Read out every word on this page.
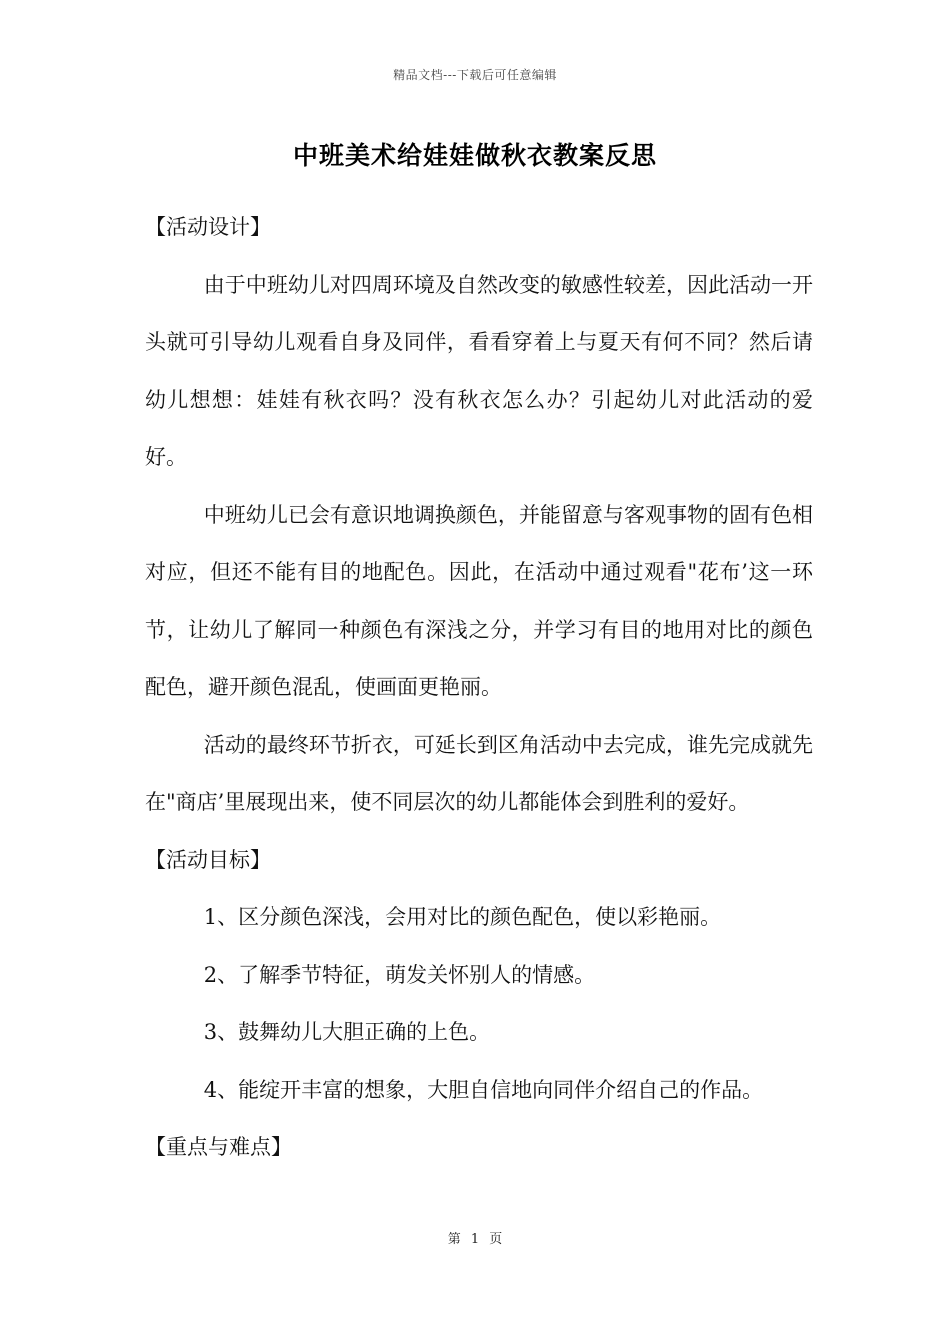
精品文档---下载后可任意编辑
中班美术给娃娃做秋衣教案反思

【活动设计】

由于中班幼儿对四周环境及自然改变的敏感性较差，因此活动一开头就可引导幼儿观看自身及同伴，看看穿着上与夏天有何不同？然后请幼儿想想：娃娃有秋衣吗？没有秋衣怎么办？引起幼儿对此活动的爱好。

中班幼儿已会有意识地调换颜色，并能留意与客观事物的固有色相对应，但还不能有目的地配色。因此，在活动中通过观看"花布’这一环节，让幼儿了解同一种颜色有深浅之分，并学习有目的地用对比的颜色配色，避开颜色混乱，使画面更艳丽。

活动的最终环节折衣，可延长到区角活动中去完成，谁先完成就先在"商店’里展现出来，使不同层次的幼儿都能体会到胜利的爱好。

【活动目标】

1、区分颜色深浅，会用对比的颜色配色，使以彩艳丽。

2、了解季节特征，萌发关怀别人的情感。

3、鼓舞幼儿大胆正确的上色。

4、能绽开丰富的想象，大胆自信地向同伴介绍自己的作品。

【重点与难点】

第 1 页
